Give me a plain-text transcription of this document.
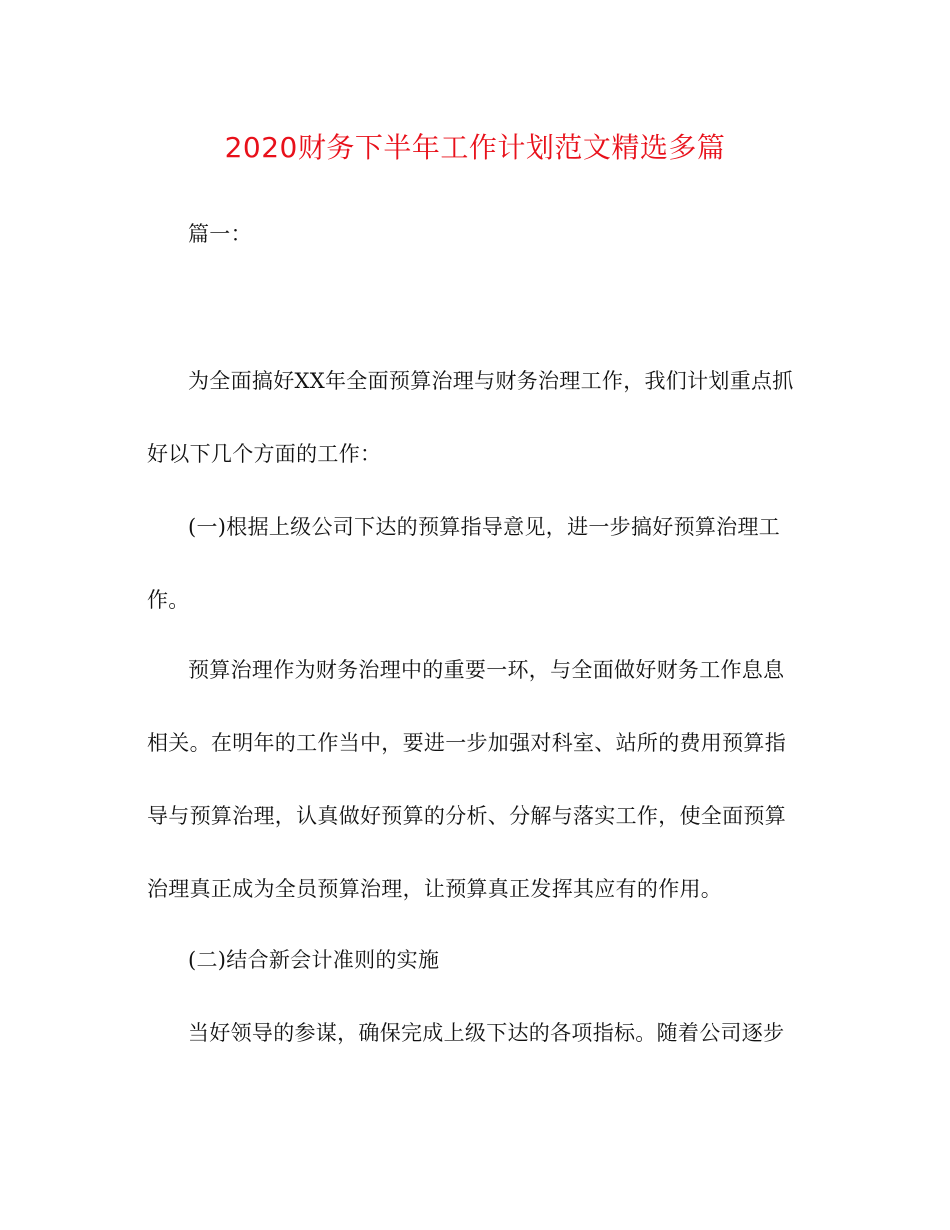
2020财务下半年工作计划范文精选多篇
篇一：
为全面搞好XX年全面预算治理与财务治理工作，我们计划重点抓
好以下几个方面的工作：
(一)根据上级公司下达的预算指导意见，进一步搞好预算治理工
作。
预算治理作为财务治理中的重要一环，与全面做好财务工作息息
相关。在明年的工作当中，要进一步加强对科室、站所的费用预算指
导与预算治理，认真做好预算的分析、分解与落实工作，使全面预算
治理真正成为全员预算治理，让预算真正发挥其应有的作用。
(二)结合新会计准则的实施
当好领导的参谋，确保完成上级下达的各项指标。随着公司逐步
